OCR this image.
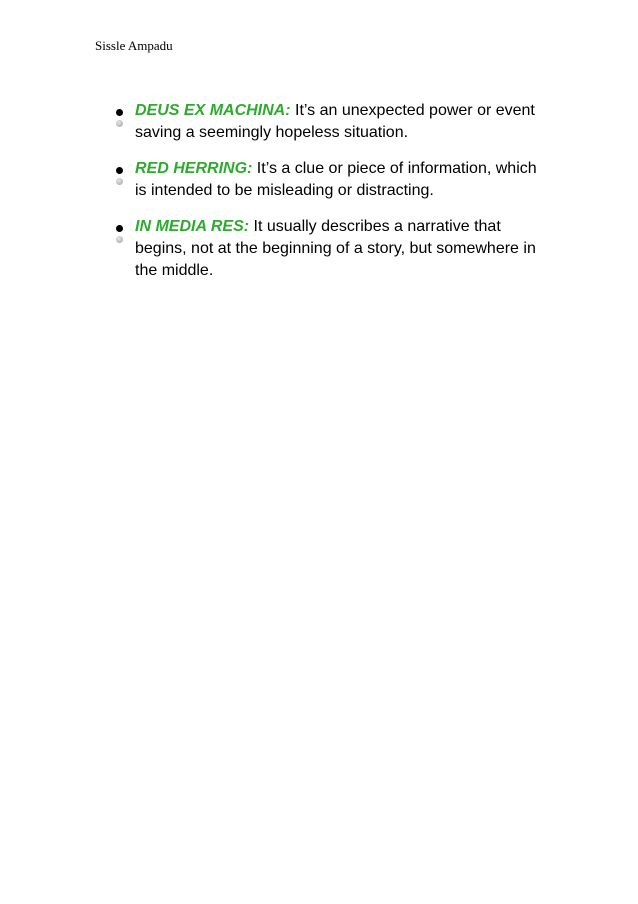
Sissle Ampadu
DEUS EX MACHINA: It’s an unexpected power or event saving a seemingly hopeless situation.
RED HERRING: It’s a clue or piece of information, which is intended to be misleading or distracting.
IN MEDIA RES: It usually describes a narrative that begins, not at the beginning of a story, but somewhere in the middle.
